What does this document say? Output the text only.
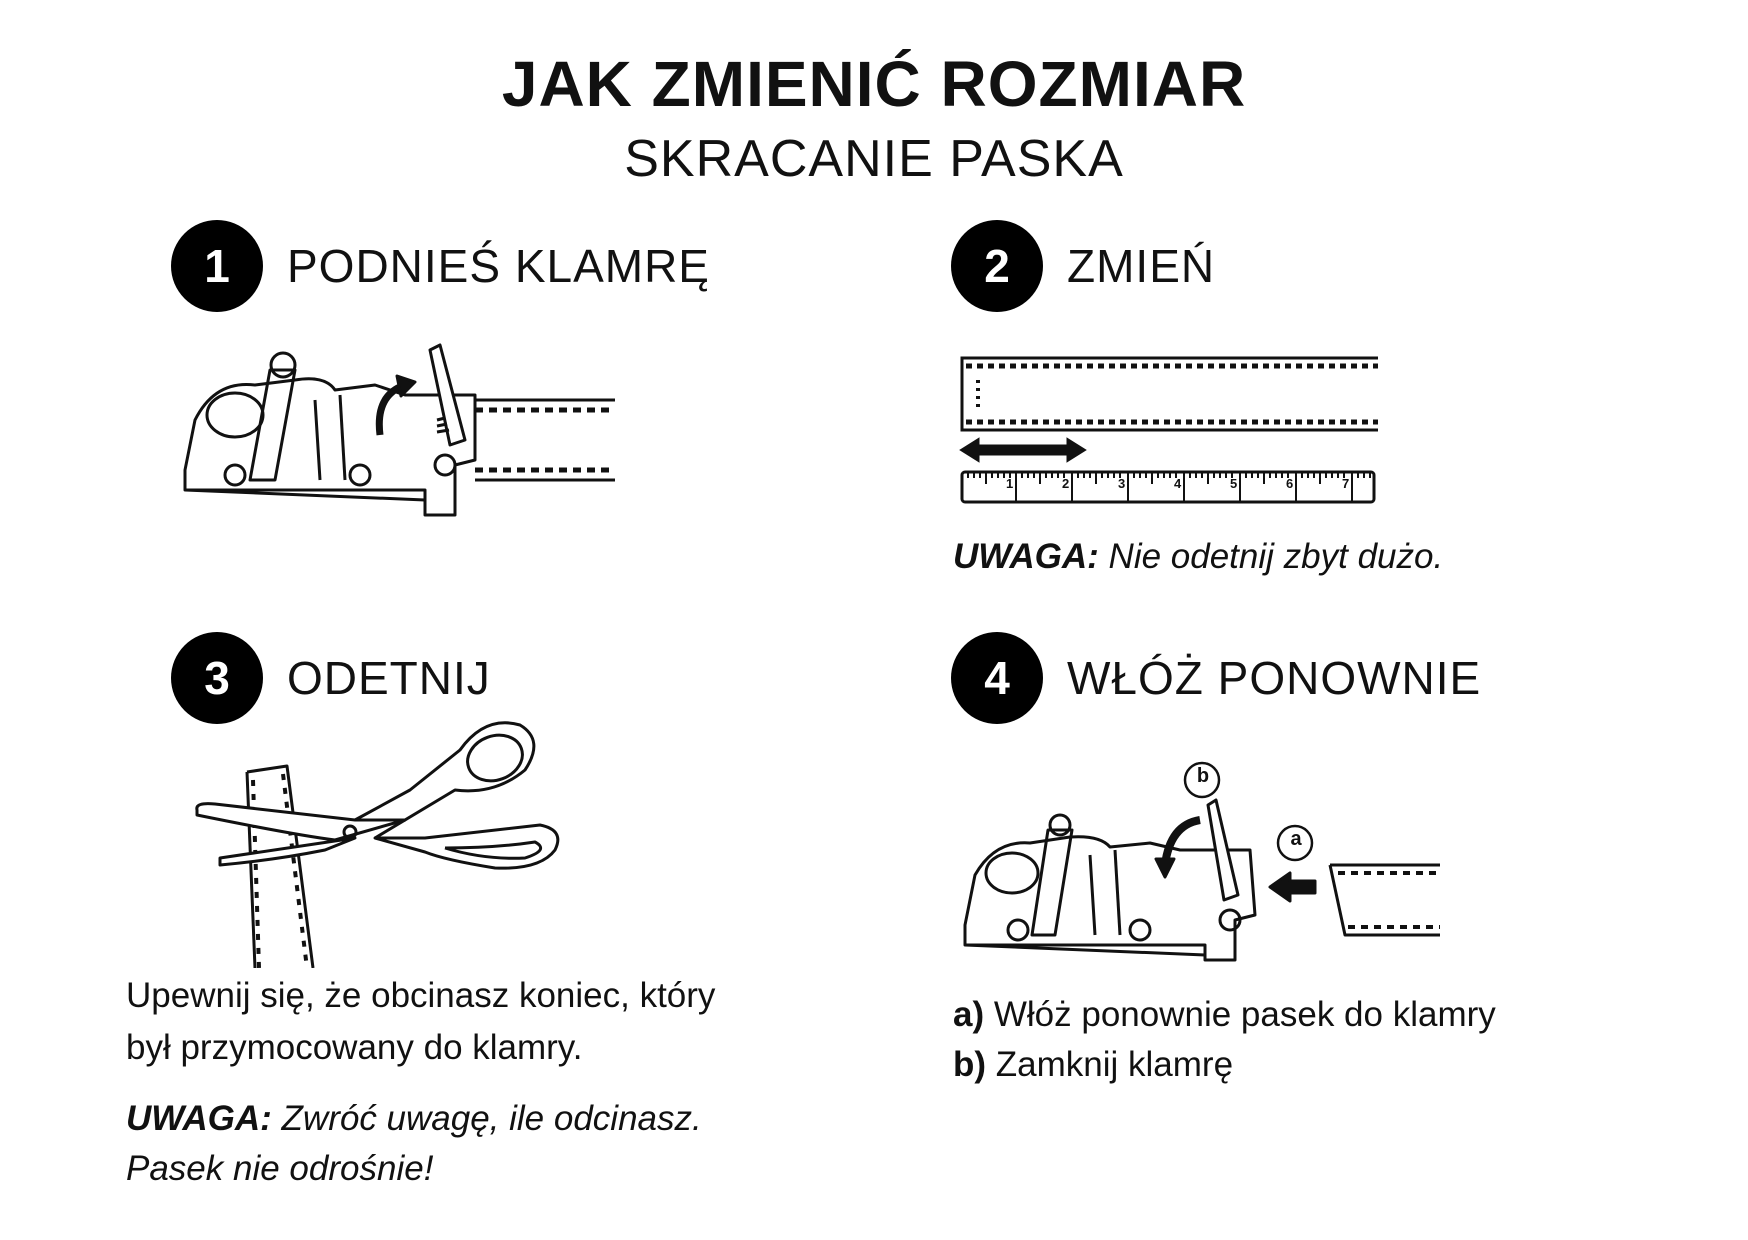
JAK ZMIENIĆ ROZMIAR
SKRACANIE PASKA
1	PODNIEŚ KLAMRĘ	2	ZMIEŃ
1	2	3	4	5	6	7
UWAGA: Nie odetnij zbyt dużo.
3	ODETNIJ
Upewnij się, że obcinasz koniec, który
był przymocowany do klamry.
UWAGA: Zwróć uwagę, ile odcinasz.
Pasek nie odrośnie!
4	WŁÓŻ PONOWNIE
b
a
a) Włóż ponownie pasek do klamry
b) Zamknij klamrę
